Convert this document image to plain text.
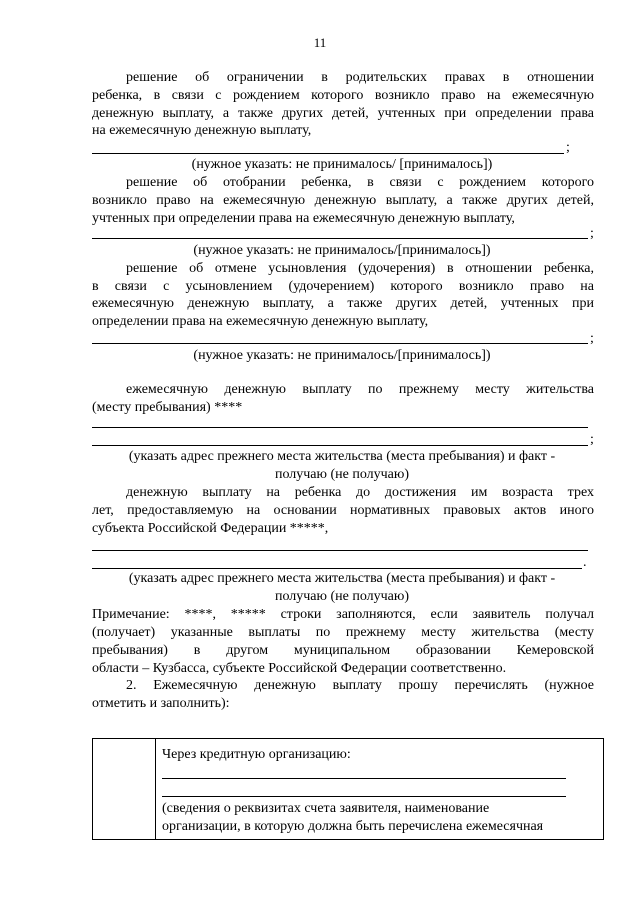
11
решение об ограничении в родительских правах в отношении
ребенка, в связи с рождением которого возникло право на ежемесячную
денежную выплату, а также других детей, учтенных при определении права
на ежемесячную денежную выплату,
;
(нужное указать: не принималось/ [принималось])
решение об отобрании ребенка, в связи с рождением которого
возникло право на ежемесячную денежную выплату, а также других детей,
учтенных при определении права на ежемесячную денежную выплату,
;
(нужное указать: не принималось/[принималось])
решение об отмене усыновления (удочерения) в отношении ребенка,
в связи с усыновлением (удочерением) которого возникло право на
ежемесячную денежную выплату, а также других детей, учтенных при
определении права на ежемесячную денежную выплату,
;
(нужное указать: не принималось/[принималось])
ежемесячную денежную выплату по прежнему месту жительства
(месту пребывания) ****
;
(указать адрес прежнего места жительства (места пребывания) и факт -
получаю (не получаю)
денежную выплату на ребенка до достижения им возраста трех
лет, предоставляемую на основании нормативных правовых актов иного
субъекта Российской Федерации *****,
.
(указать адрес прежнего места жительства (места пребывания) и факт -
получаю (не получаю)
Примечание: ****, ***** строки заполняются, если заявитель получал
(получает) указанные выплаты по прежнему месту жительства (месту
пребывания) в другом муниципальном образовании Кемеровской
области – Кузбасса, субъекте Российской Федерации соответственно.
2. Ежемесячную денежную выплату прошу перечислять (нужное
отметить и заполнить):

Через кредитную организацию:
(сведения о реквизитах счета заявителя, наименование
организации, в которую должна быть перечислена ежемесячная
